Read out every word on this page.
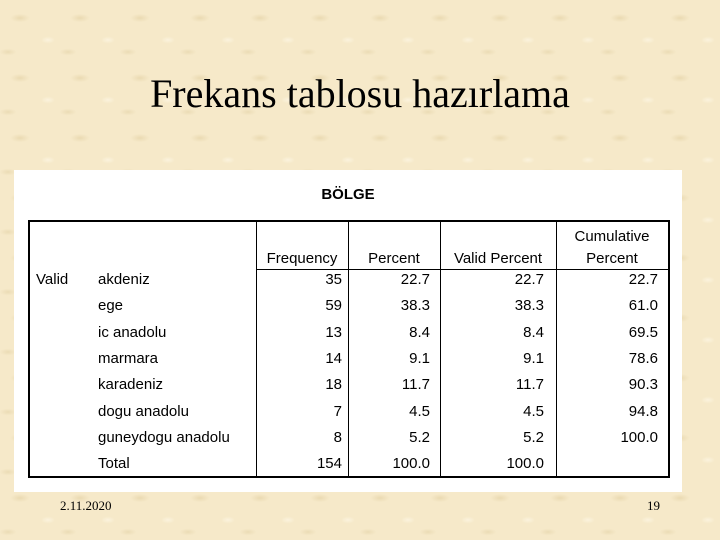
Frekans tablosu hazırlama
BÖLGE
Frequency	Percent	Valid Percent
Cumulative
Percent
Valid akdeniz	35	22.7	22.7	22.7
ege	59	38.3	38.3	61.0
ic anadolu	13	8.4	8.4	69.5
marmara	14	9.1	9.1	78.6
karadeniz	18	11.7	11.7	90.3
dogu anadolu	7	4.5	4.5	94.8
guneydogu anadolu	8	5.2	5.2	100.0
Total	154	100.0	100.0
2.11.2020	19
